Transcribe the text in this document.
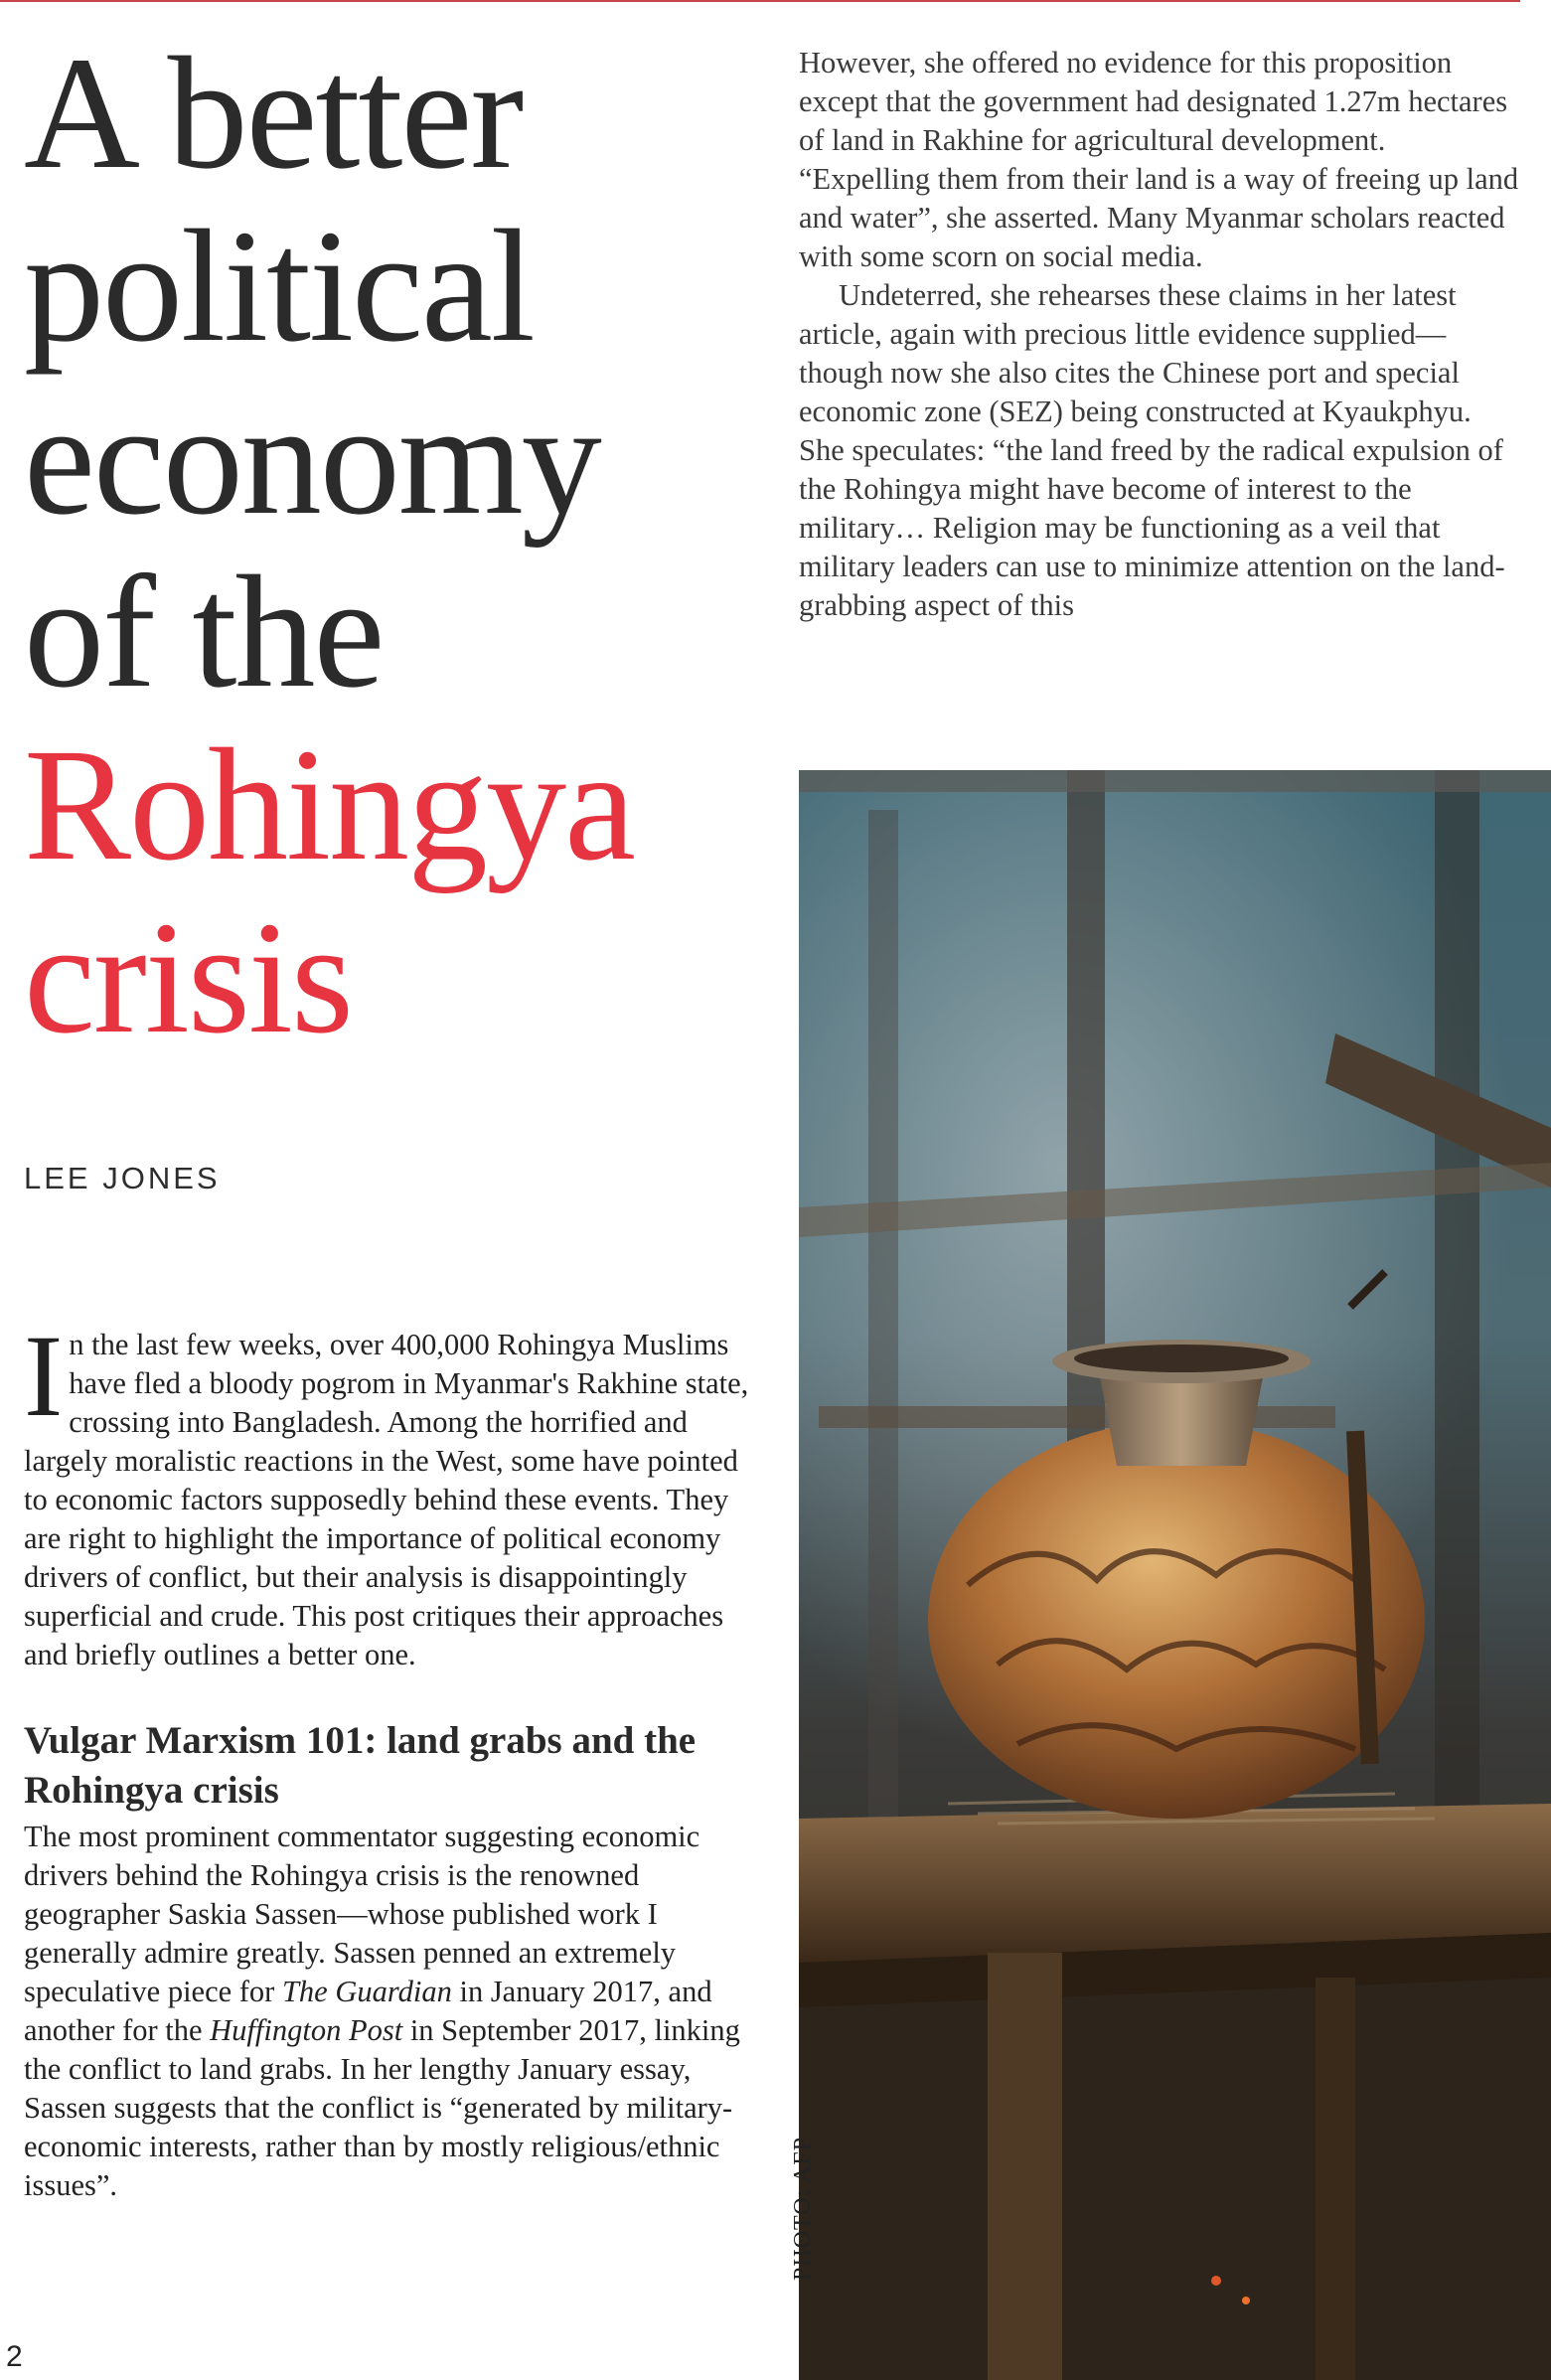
A better
political
economy
of the
Rohingya
crisis
LEE JONES

In the last few weeks, over 400,000 Rohingya Muslims have fled a bloody pogrom in Myanmar's Rakhine state, crossing into Bangladesh. Among the horrified and largely moralistic reactions in the West, some have pointed to economic factors supposedly behind these events. They are right to highlight the importance of political economy drivers of conflict, but their analysis is disappointingly superficial and crude. This post critiques their approaches and briefly outlines a better one.

Vulgar Marxism 101: land grabs and the Rohingya crisis

The most prominent commentator suggesting economic drivers behind the Rohingya crisis is the renowned geographer Saskia Sassen—whose published work I generally admire greatly. Sassen penned an extremely speculative piece for The Guardian in January 2017, and another for the Huffington Post in September 2017, linking the conflict to land grabs. In her lengthy January essay, Sassen suggests that the conflict is “generated by military-economic interests, rather than by mostly religious/ethnic issues”.

However, she offered no evidence for this proposition except that the government had designated 1.27m hectares of land in Rakhine for agricultural development. “Expelling them from their land is a way of freeing up land and water”, she asserted. Many Myanmar scholars reacted with some scorn on social media.

Undeterred, she rehearses these claims in her latest article, again with precious little evidence supplied—though now she also cites the Chinese port and special economic zone (SEZ) being constructed at Kyaukphyu. She speculates: “the land freed by the radical expulsion of the Rohingya might have become of interest to the military… Religion may be functioning as a veil that military leaders can use to minimize attention on the land-grabbing aspect of this

PHOTO: AFP
2
